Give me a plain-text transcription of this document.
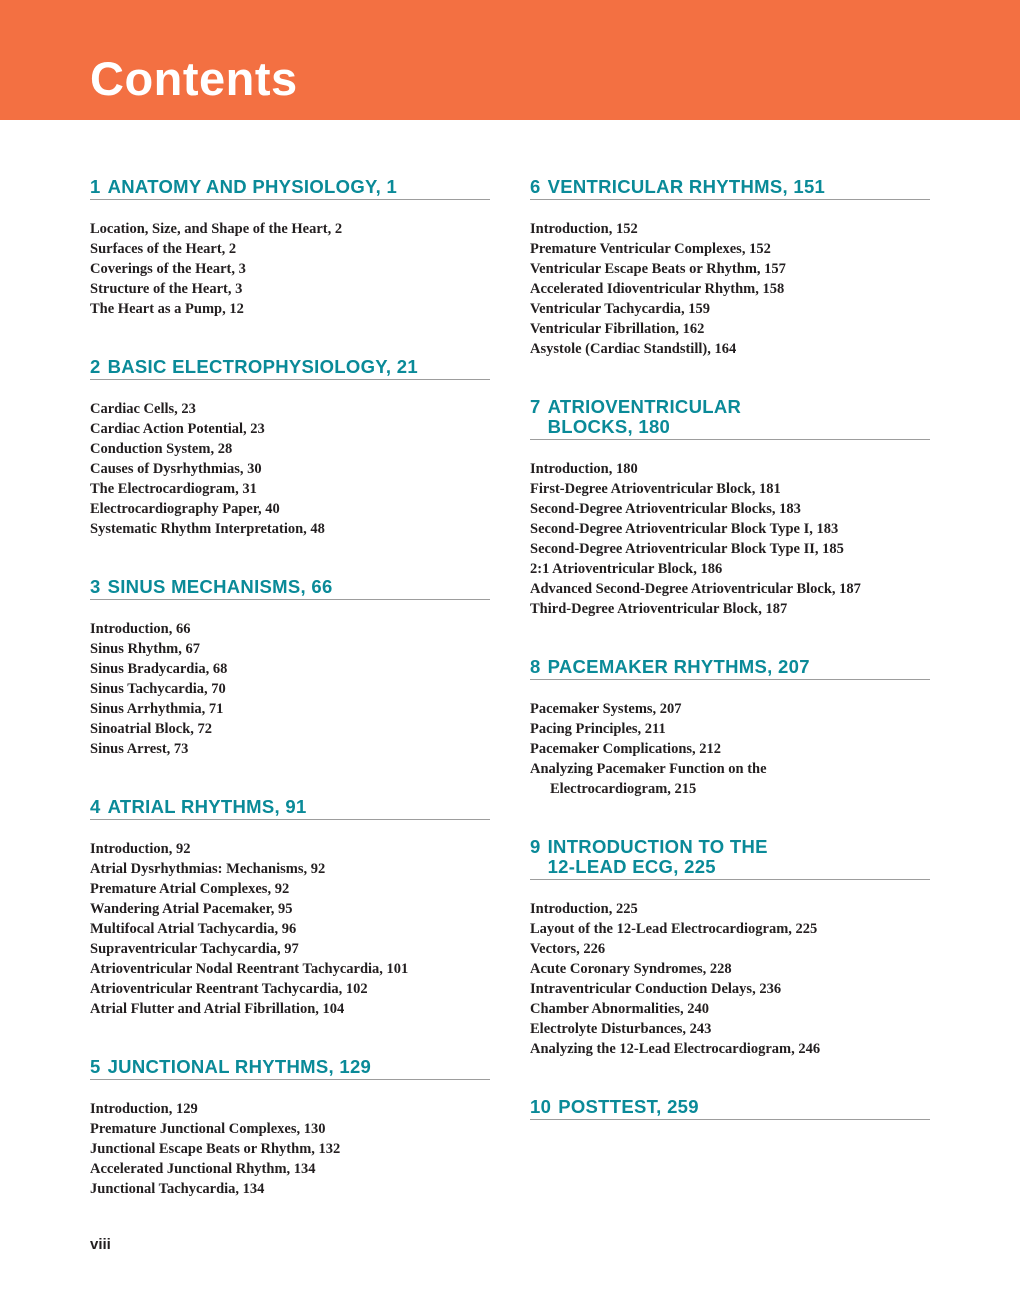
Contents
1 ANATOMY AND PHYSIOLOGY, 1
Location, Size, and Shape of the Heart, 2
Surfaces of the Heart, 2
Coverings of the Heart, 3
Structure of the Heart, 3
The Heart as a Pump, 12
2 BASIC ELECTROPHYSIOLOGY, 21
Cardiac Cells, 23
Cardiac Action Potential, 23
Conduction System, 28
Causes of Dysrhythmias, 30
The Electrocardiogram, 31
Electrocardiography Paper, 40
Systematic Rhythm Interpretation, 48
3 SINUS MECHANISMS, 66
Introduction, 66
Sinus Rhythm, 67
Sinus Bradycardia, 68
Sinus Tachycardia, 70
Sinus Arrhythmia, 71
Sinoatrial Block, 72
Sinus Arrest, 73
4 ATRIAL RHYTHMS, 91
Introduction, 92
Atrial Dysrhythmias: Mechanisms, 92
Premature Atrial Complexes, 92
Wandering Atrial Pacemaker, 95
Multifocal Atrial Tachycardia, 96
Supraventricular Tachycardia, 97
Atrioventricular Nodal Reentrant Tachycardia, 101
Atrioventricular Reentrant Tachycardia, 102
Atrial Flutter and Atrial Fibrillation, 104
5 JUNCTIONAL RHYTHMS, 129
Introduction, 129
Premature Junctional Complexes, 130
Junctional Escape Beats or Rhythm, 132
Accelerated Junctional Rhythm, 134
Junctional Tachycardia, 134
6 VENTRICULAR RHYTHMS, 151
Introduction, 152
Premature Ventricular Complexes, 152
Ventricular Escape Beats or Rhythm, 157
Accelerated Idioventricular Rhythm, 158
Ventricular Tachycardia, 159
Ventricular Fibrillation, 162
Asystole (Cardiac Standstill), 164
7 ATRIOVENTRICULAR
BLOCKS, 180
Introduction, 180
First-Degree Atrioventricular Block, 181
Second-Degree Atrioventricular Blocks, 183
Second-Degree Atrioventricular Block Type I, 183
Second-Degree Atrioventricular Block Type II, 185
2:1 Atrioventricular Block, 186
Advanced Second-Degree Atrioventricular Block, 187
Third-Degree Atrioventricular Block, 187
8 PACEMAKER RHYTHMS, 207
Pacemaker Systems, 207
Pacing Principles, 211
Pacemaker Complications, 212
Analyzing Pacemaker Function on the
Electrocardiogram, 215
9 INTRODUCTION TO THE
12-LEAD ECG, 225
Introduction, 225
Layout of the 12-Lead Electrocardiogram, 225
Vectors, 226
Acute Coronary Syndromes, 228
Intraventricular Conduction Delays, 236
Chamber Abnormalities, 240
Electrolyte Disturbances, 243
Analyzing the 12-Lead Electrocardiogram, 246
10 POSTTEST, 259
viii
